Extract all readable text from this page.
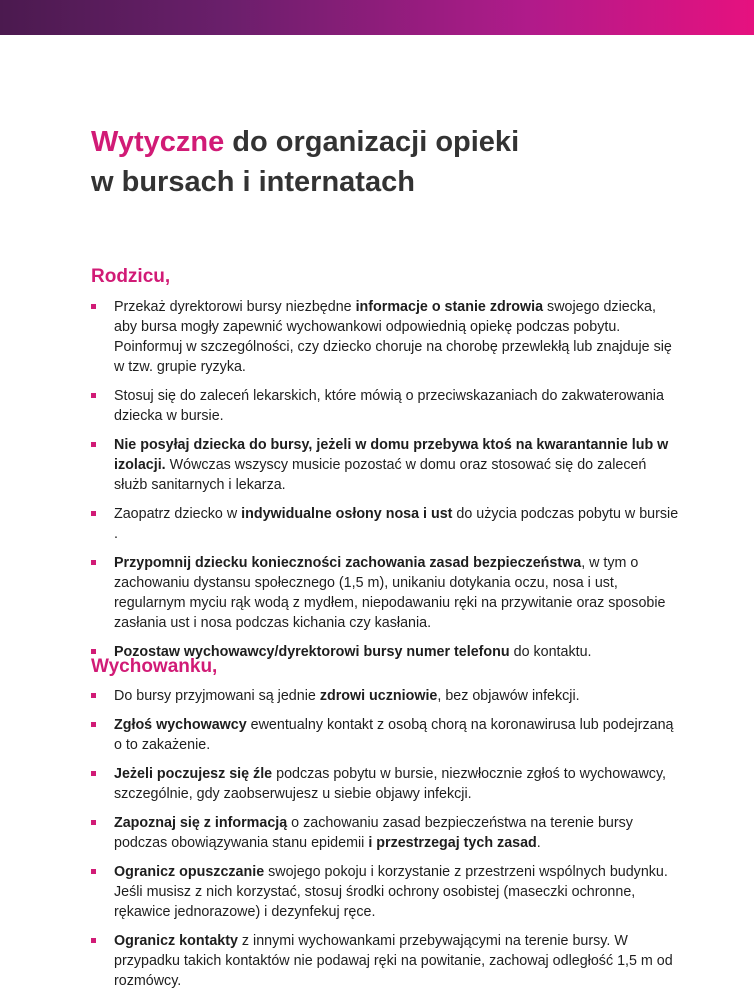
Wytyczne do organizacji opieki
w bursach i internatach
Rodzicu,
Przekaż dyrektorowi bursy niezbędne informacje o stanie zdrowia swojego dziecka, aby bursa mogły zapewnić wychowankowi odpowiednią opiekę podczas pobytu. Poinformuj w szczególności, czy dziecko choruje na chorobę przewlekłą lub znajduje się w tzw. grupie ryzyka.
Stosuj się do zaleceń lekarskich, które mówią o przeciwskazaniach do zakwaterowania dziecka w bursie.
Nie posyłaj dziecka do bursy, jeżeli w domu przebywa ktoś na kwarantannie lub w izolacji. Wówczas wszyscy musicie pozostać w domu oraz stosować się do zaleceń służb sanitarnych i lekarza.
Zaopatrz dziecko w indywidualne osłony nosa i ust do użycia podczas pobytu w bursie .
Przypomnij dziecku konieczności zachowania zasad bezpieczeństwa, w tym o zachowaniu dystansu społecznego (1,5 m), unikaniu dotykania oczu, nosa i ust, regularnym myciu rąk wodą z mydłem, niepodawaniu ręki na przywitanie oraz sposobie zasłania ust i nosa podczas kichania czy kasłania.
Pozostaw wychowawcy/dyrektorowi bursy numer telefonu do kontaktu.
Wychowanku,
Do bursy przyjmowani są jednie zdrowi uczniowie, bez objawów infekcji.
Zgłoś wychowawcy ewentualny kontakt z osobą chorą na koronawirusa lub podejrzaną o to zakażenie.
Jeżeli poczujesz się źle podczas pobytu w bursie, niezwłocznie zgłoś to wychowawcy, szczególnie, gdy zaobserwujesz u siebie objawy infekcji.
Zapoznaj się z informacją o zachowaniu zasad bezpieczeństwa na terenie bursy podczas obowiązywania stanu epidemii i przestrzegaj tych zasad.
Ogranicz opuszczanie swojego pokoju i korzystanie z przestrzeni wspólnych budynku. Jeśli musisz z nich korzystać, stosuj środki ochrony osobistej (maseczki ochronne, rękawice jednorazowe) i dezynfekuj ręce.
Ogranicz kontakty z innymi wychowankami przebywającymi na terenie bursy. W przypadku takich kontaktów nie podawaj ręki na powitanie, zachowaj odległość 1,5 m od rozmówcy.
